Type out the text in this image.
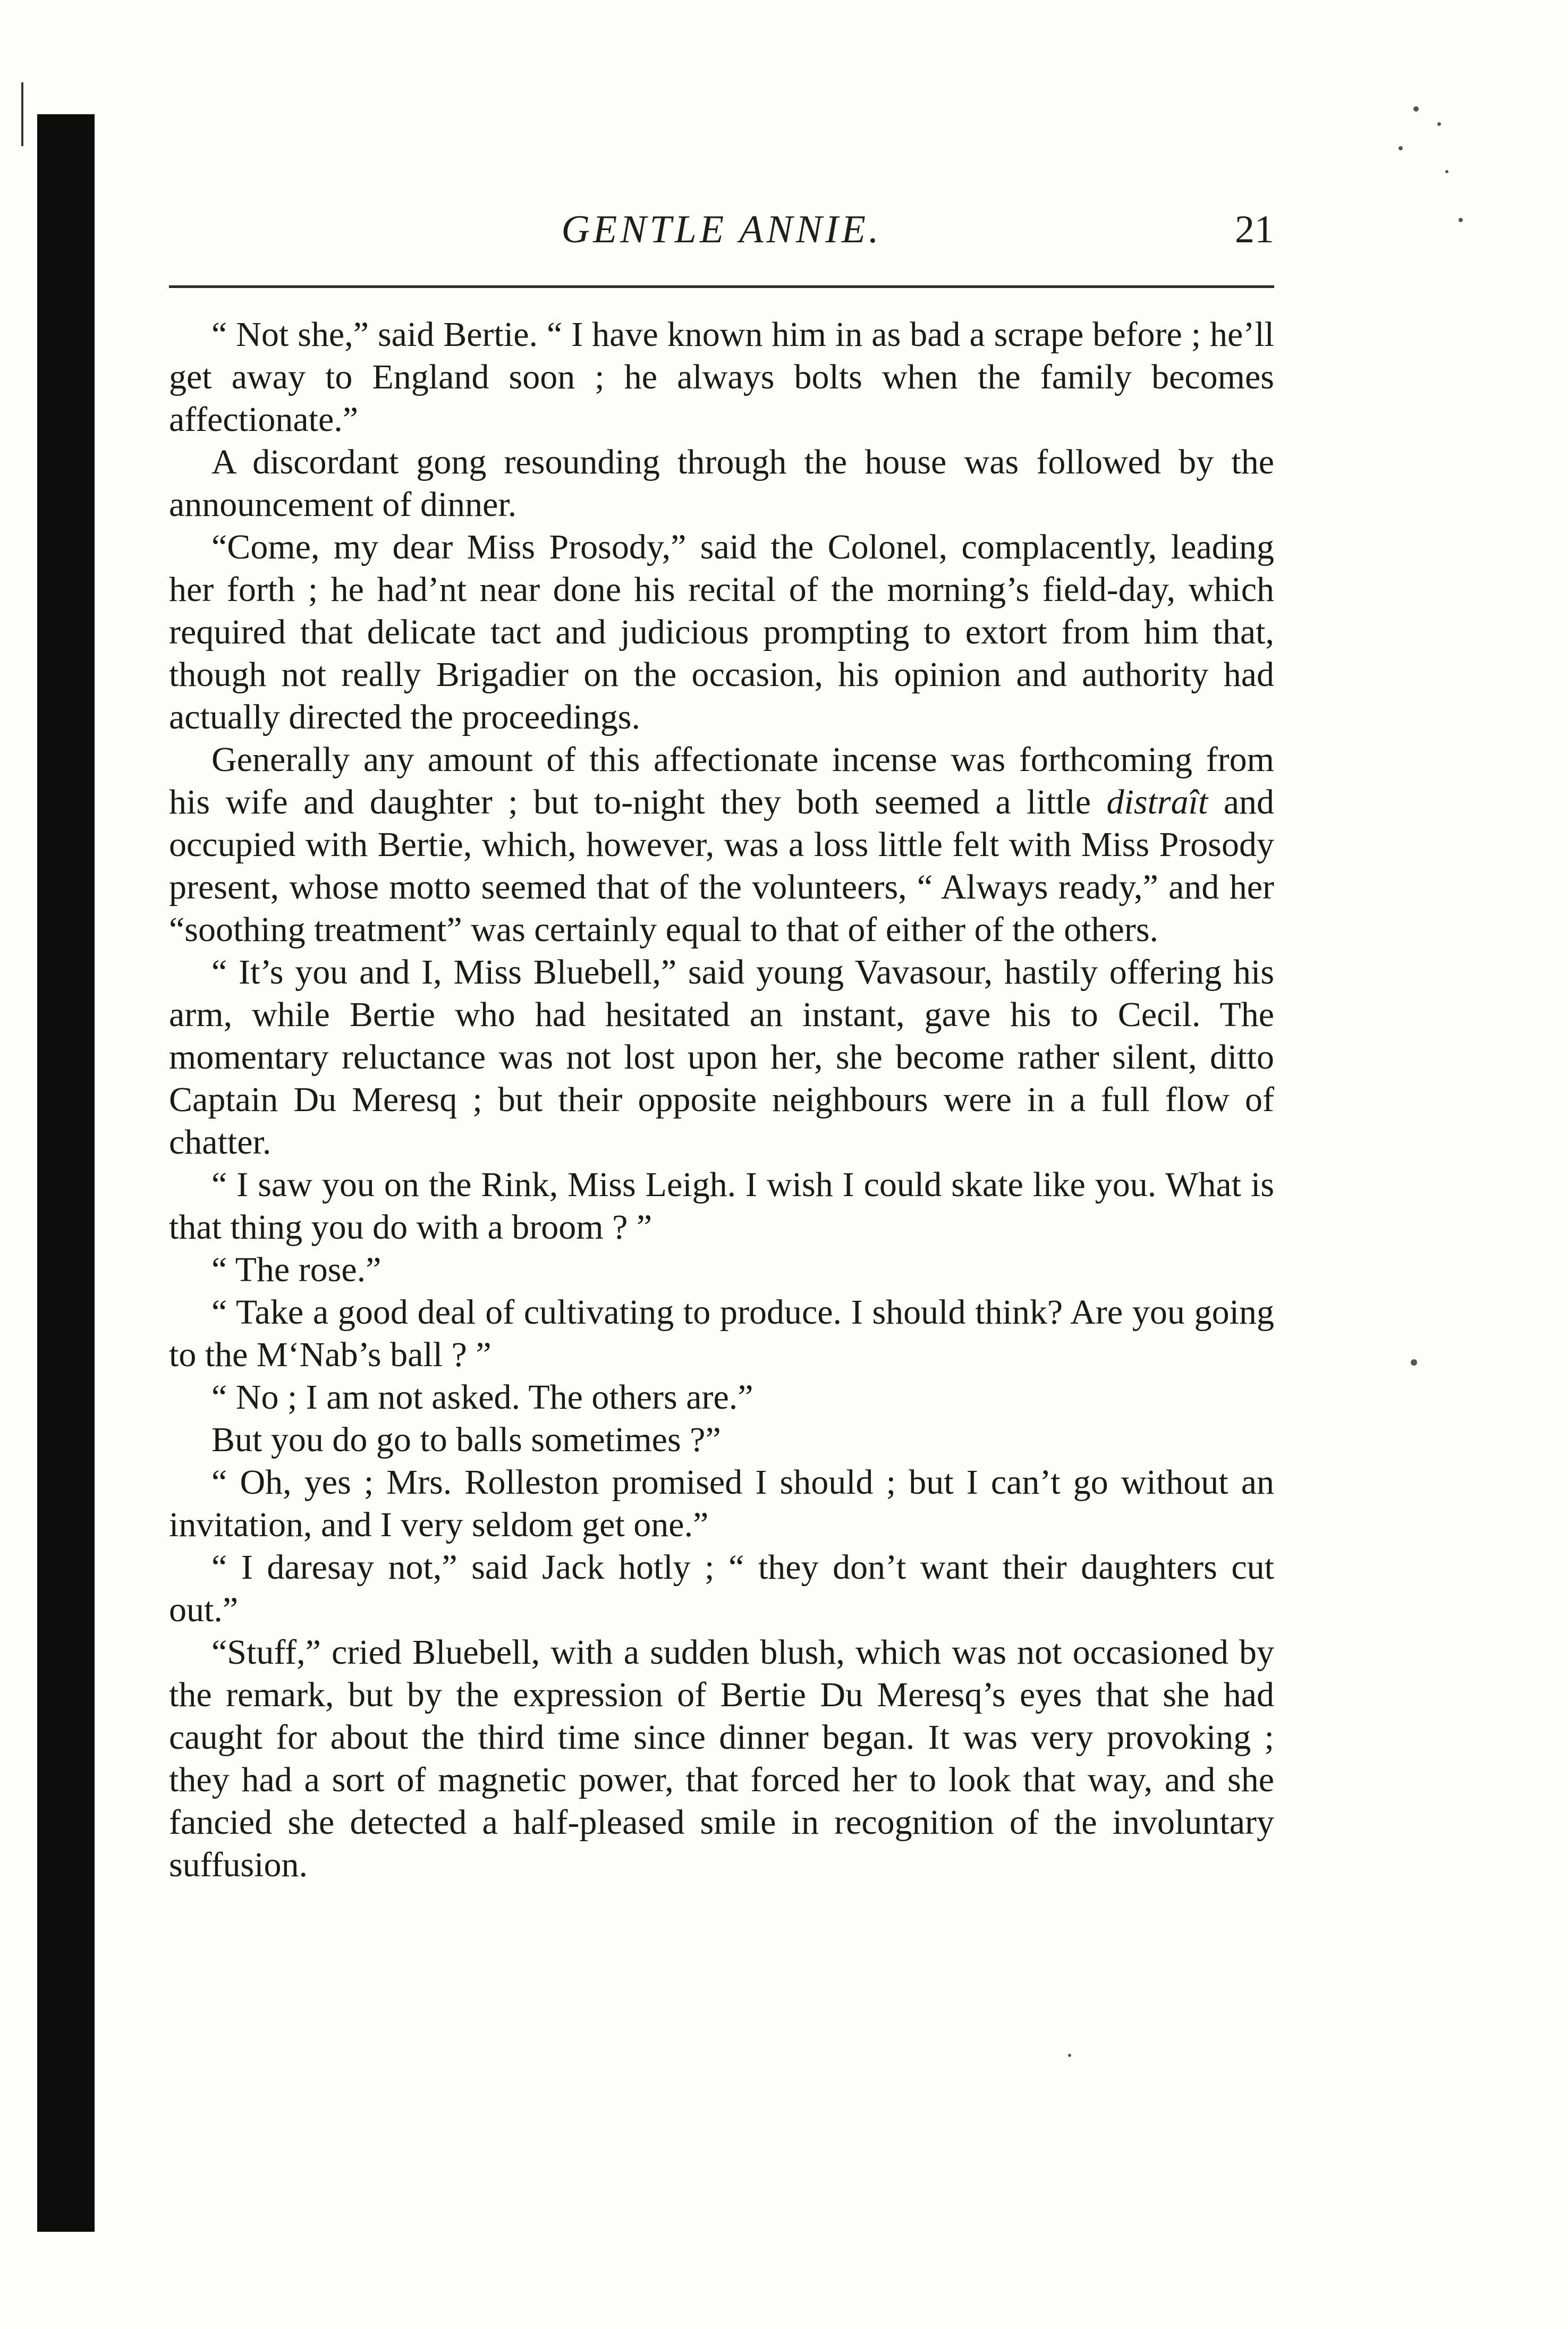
GENTLE ANNIE.	21

“ Not she,” said Bertie. “ I have known him in as bad a scrape before ; he’ll get away to England soon ; he always bolts when the family becomes affectionate.”

A discordant gong resounding through the house was followed by the announcement of dinner.

“Come, my dear Miss Prosody,” said the Colonel, complacently, leading her forth ; he had’nt near done his recital of the morning’s field-day, which required that delicate tact and judicious prompting to extort from him that, though not really Brigadier on the occasion, his opinion and authority had actually directed the proceedings.

Generally any amount of this affectionate incense was forthcoming from his wife and daughter ; but to-night they both seemed a little distraît and occupied with Bertie, which, however, was a loss little felt with Miss Prosody present, whose motto seemed that of the volunteers, “ Always ready,” and her “soothing treatment” was certainly equal to that of either of the others.

“ It’s you and I, Miss Bluebell,” said young Vavasour, hastily offering his arm, while Bertie who had hesitated an instant, gave his to Cecil. The momentary reluctance was not lost upon her, she become rather silent, ditto Captain Du Meresq ; but their opposite neighbours were in a full flow of chatter.

“ I saw you on the Rink, Miss Leigh. I wish I could skate like you. What is that thing you do with a broom ? ”

“ The rose.”

“ Take a good deal of cultivating to produce. I should think? Are you going to the M‘Nab’s ball ? ”

“ No ; I am not asked. The others are.”

But you do go to balls sometimes ?”

“ Oh, yes ; Mrs. Rolleston promised I should ; but I can’t go without an invitation, and I very seldom get one.”

“ I daresay not,” said Jack hotly ; “ they don’t want their daughters cut out.”

“Stuff,” cried Bluebell, with a sudden blush, which was not occasioned by the remark, but by the expression of Bertie Du Meresq’s eyes that she had caught for about the third time since dinner began. It was very provoking ; they had a sort of magnetic power, that forced her to look that way, and she fancied she detected a half-pleased smile in recognition of the involuntary suffusion.
